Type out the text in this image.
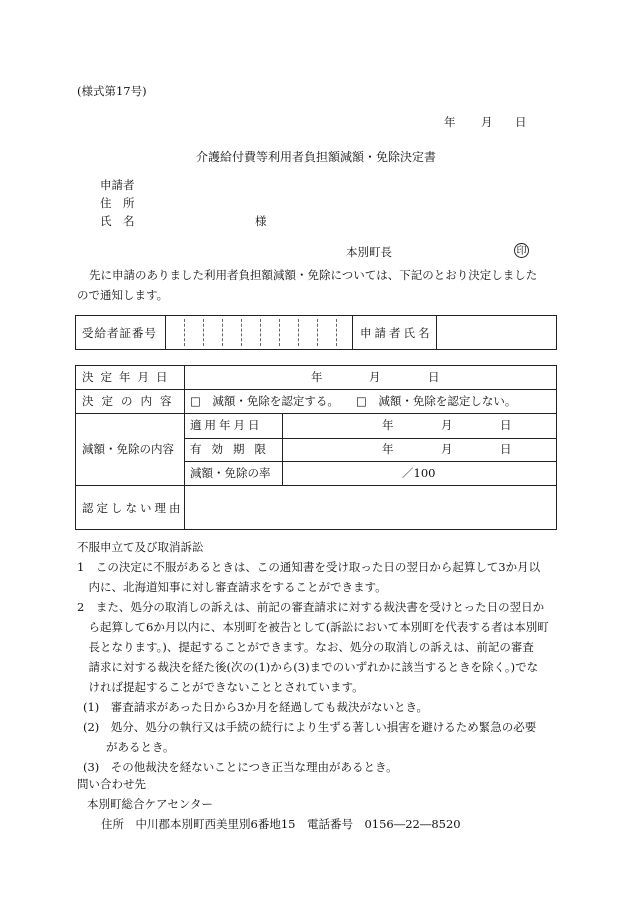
(様式第17号)
年 月 日
介護給付費等利用者負担額減額・免除決定書
申請者
住　所
氏　名	様
本別町長	印
先に申請のありました利用者負担額減額・免除については、下記のとおり決定しました
ので通知します。
受給者証番号	申請者氏名
決定年月日	年	月	日
決定の内容 □　減額・免除を認定する。 □　減額・免除を認定しない。
減額・免除の内容
適用年月日	年	月	日
有効期限	年	月	日
減額・免除の率	／100
認定しない理由
不服申立て及び取消訴訟
1　この決定に不服があるときは、この通知書を受け取った日の翌日から起算して3か月以
　内に、北海道知事に対し審査請求をすることができます。
2　また、処分の取消しの訴えは、前記の審査請求に対する裁決書を受けとった日の翌日か
　ら起算して6か月以内に、本別町を被告として(訴訟において本別町を代表する者は本別町
　長となります。)、提起することができます。なお、処分の取消しの訴えは、前記の審査
　請求に対する裁決を経た後(次の(1)から(3)までのいずれかに該当するときを除く。)でな
　ければ提起することができないこととされています。
(1)　審査請求があった日から3か月を経過しても裁決がないとき。
(2)　処分、処分の執行又は手続の続行により生ずる著しい損害を避けるため緊急の必要
　　があるとき。
(3)　その他裁決を経ないことにつき正当な理由があるとき。
問い合わせ先
本別町総合ケアセンター
住所　中川郡本別町西美里別6番地15　電話番号　0156―22―8520
